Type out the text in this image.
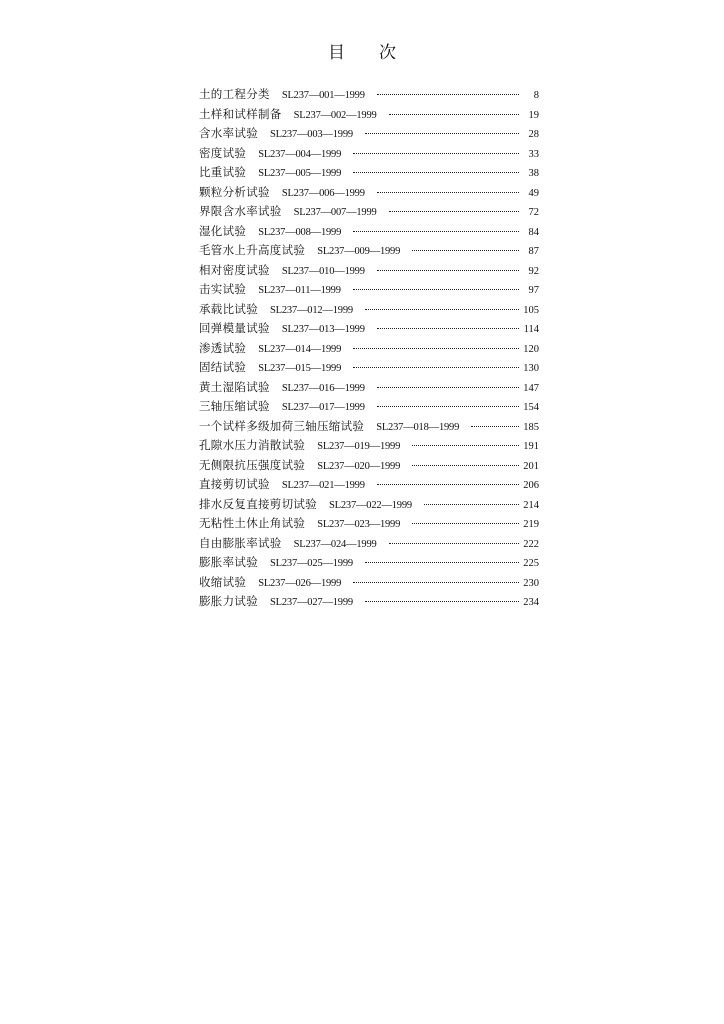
目 次
土的工程分类 SL237—001—1999	8
土样和试样制备 SL237—002—1999	19
含水率试验 SL237—003—1999	28
密度试验 SL237—004—1999	33
比重试验 SL237—005—1999	38
颗粒分析试验 SL237—006—1999	49
界限含水率试验 SL237—007—1999	72
湿化试验 SL237—008—1999	84
毛管水上升高度试验 SL237—009—1999	87
相对密度试验 SL237—010—1999	92
击实试验 SL237—011—1999	97
承载比试验 SL237—012—1999	105
回弹模量试验 SL237—013—1999	114
渗透试验 SL237—014—1999	120
固结试验 SL237—015—1999	130
黄土湿陷试验 SL237—016—1999	147
三轴压缩试验 SL237—017—1999	154
一个试样多级加荷三轴压缩试验 SL237—018—1999	185
孔隙水压力消散试验 SL237—019—1999	191
无侧限抗压强度试验 SL237—020—1999	201
直接剪切试验 SL237—021—1999	206
排水反复直接剪切试验 SL237—022—1999	214
无粘性土休止角试验 SL237—023—1999	219
自由膨胀率试验 SL237—024—1999	222
膨胀率试验 SL237—025—1999	225
收缩试验 SL237—026—1999	230
膨胀力试验 SL237—027—1999	234
